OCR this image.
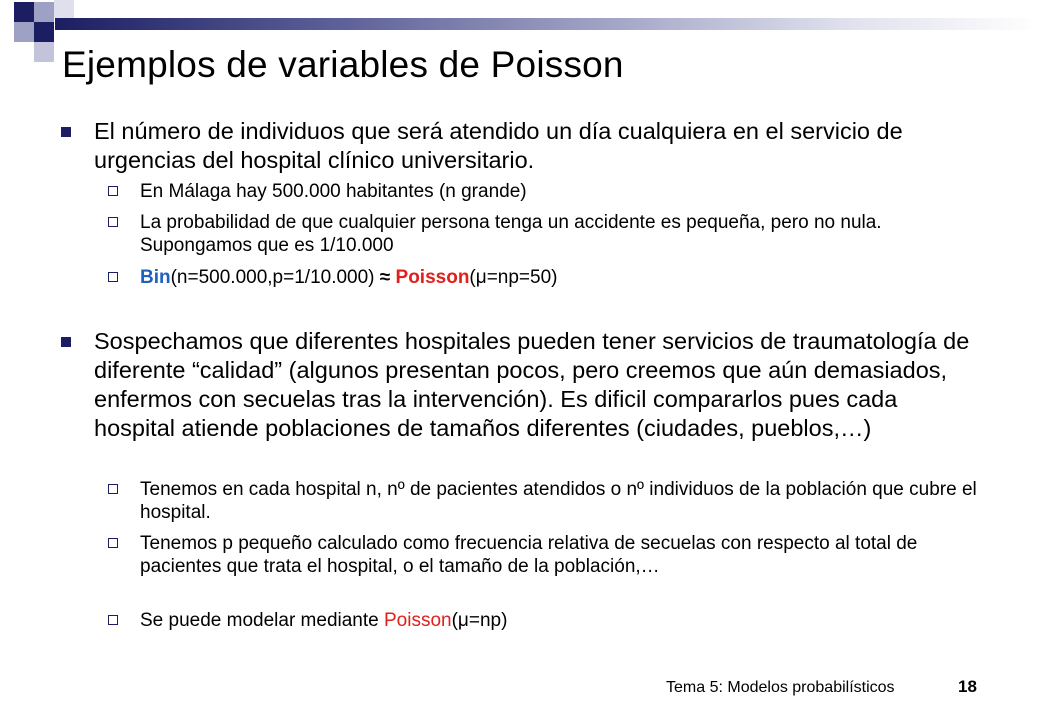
Ejemplos de variables de Poisson
El número de individuos que será atendido un día cualquiera en el servicio de urgencias del hospital clínico universitario.
En Málaga hay 500.000 habitantes (n grande)
La probabilidad de que cualquier persona tenga un accidente es pequeña, pero no nula. Supongamos que es 1/10.000
Bin(n=500.000,p=1/10.000) ≈ Poisson(μ=np=50)
Sospechamos que diferentes hospitales pueden tener servicios de traumatología de diferente “calidad” (algunos presentan pocos, pero creemos que aún demasiados, enfermos con secuelas tras la intervención). Es dificil compararlos pues cada hospital atiende poblaciones de tamaños diferentes (ciudades, pueblos,…)
Tenemos en cada hospital n, nº de pacientes atendidos o nº individuos de la población que cubre el hospital.
Tenemos p pequeño calculado como frecuencia relativa de secuelas con respecto al total de pacientes que trata el hospital, o el tamaño de la población,…
Se puede modelar mediante Poisson(μ=np)
Tema 5: Modelos probabilísticos	18
